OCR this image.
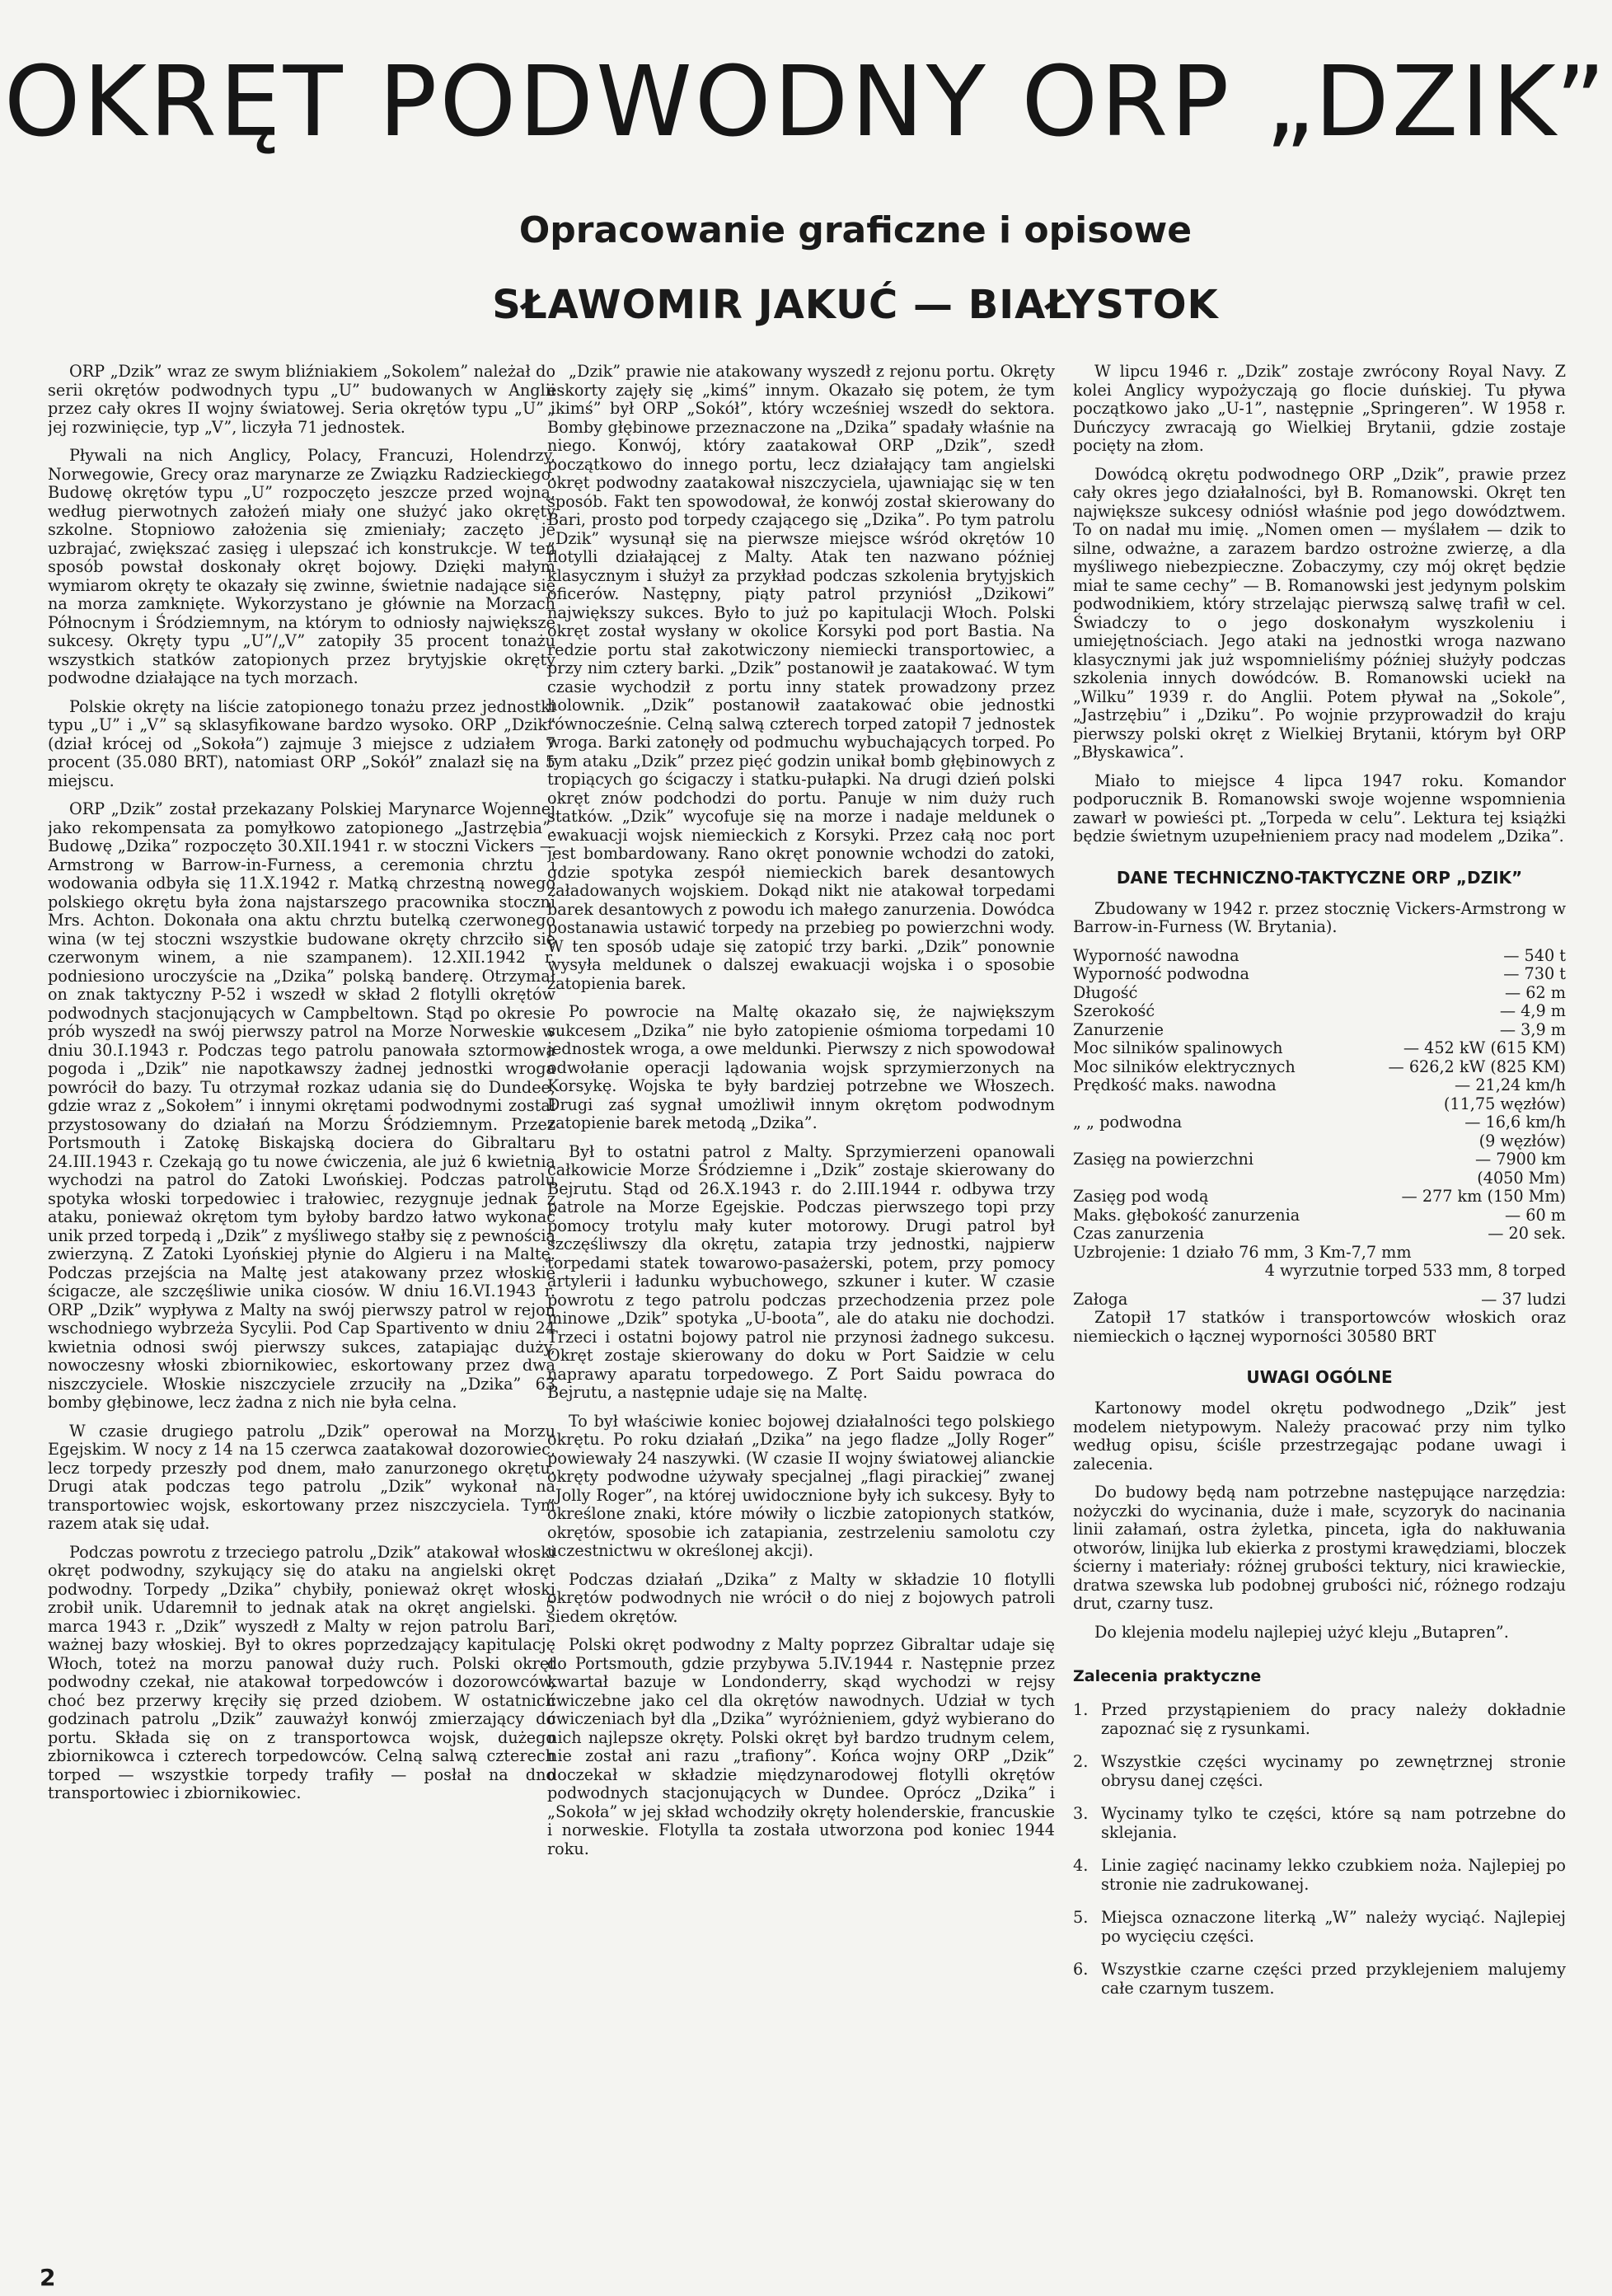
OKRĘT PODWODNY ORP „DZIK”
Opracowanie graficzne i opisowe
SŁAWOMIR JAKUĆ — BIAŁYSTOK

ORP „Dzik” wraz ze swym bliźniakiem „Sokolem” należał do serii okrętów podwodnych typu „U” budowanych w Anglii przez cały okres II wojny światowej. Seria okrętów typu „U” i jej rozwinięcie, typ „V”, liczyła 71 jednostek.

Pływali na nich Anglicy, Polacy, Francuzi, Holendrzy, Norwegowie, Grecy oraz marynarze ze Związku Radzieckiego. Budowę okrętów typu „U” rozpoczęto jeszcze przed wojną, według pierwotnych założeń miały one służyć jako okręty szkolne. Stopniowo założenia się zmieniały; zaczęto je uzbrajać, zwiększać zasięg i ulepszać ich konstrukcje. W ten sposób powstał doskonały okręt bojowy. Dzięki małym wymiarom okręty te okazały się zwinne, świetnie nadające się na morza zamknięte. Wykorzystano je głównie na Morzach Północnym i Śródziemnym, na którym to odniosły największe sukcesy. Okręty typu „U”/„V” zatopiły 35 procent tonażu wszystkich statków zatopionych przez brytyjskie okręty podwodne działające na tych morzach.

Polskie okręty na liście zatopionego tonażu przez jednostki typu „U” i „V” są sklasyfikowane bardzo wysoko. ORP „Dzik” (dział krócej od „Sokoła”) zajmuje 3 miejsce z udziałem 7 procent (35.080 BRT), natomiast ORP „Sokół” znalazł się na 5 miejscu.

ORP „Dzik” został przekazany Polskiej Marynarce Wojennej jako rekompensata za pomyłkowo zatopionego „Jastrzębia”. Budowę „Dzika” rozpoczęto 30.XII.1941 r. w stoczni Vickers — Armstrong w Barrow-in-Furness, a ceremonia chrztu i wodowania odbyła się 11.X.1942 r. Matką chrzestną nowego polskiego okrętu była żona najstarszego pracownika stoczni Mrs. Achton. Dokonała ona aktu chrztu butelką czerwonego wina (w tej stoczni wszystkie budowane okręty chrzciło się czerwonym winem, a nie szampanem). 12.XII.1942 r. podniesiono uroczyście na „Dzika” polską banderę. Otrzymał on znak taktyczny P-52 i wszedł w skład 2 flotylli okrętów podwodnych stacjonujących w Campbeltown. Stąd po okresie prób wyszedł na swój pierwszy patrol na Morze Norweskie w dniu 30.I.1943 r. Podczas tego patrolu panowała sztormowa pogoda i „Dzik” nie napotkawszy żadnej jednostki wroga powrócił do bazy. Tu otrzymał rozkaz udania się do Dundee, gdzie wraz z „Sokołem” i innymi okrętami podwodnymi został przystosowany do działań na Morzu Śródziemnym. Przez Portsmouth i Zatokę Biskajską dociera do Gibraltaru 24.III.1943 r. Czekają go tu nowe ćwiczenia, ale już 6 kwietnia wychodzi na patrol do Zatoki Lwońskiej. Podczas patrolu spotyka włoski torpedowiec i trałowiec, rezygnuje jednak z ataku, ponieważ okrętom tym byłoby bardzo łatwo wykonać unik przed torpedą i „Dzik” z myśliwego stałby się z pewnością zwierzyną. Z Zatoki Lyońskiej płynie do Algieru i na Maltę. Podczas przejścia na Maltę jest atakowany przez włoskie ścigacze, ale szczęśliwie unika ciosów. W dniu 16.VI.1943 r. ORP „Dzik” wypływa z Malty na swój pierwszy patrol w rejon wschodniego wybrzeża Sycylii. Pod Cap Spartivento w dniu 24 kwietnia odnosi swój pierwszy sukces, zatapiając duży, nowoczesny włoski zbiornikowiec, eskortowany przez dwa niszczyciele. Włoskie niszczyciele zrzuciły na „Dzika” 63 bomby głębinowe, lecz żadna z nich nie była celna.

W czasie drugiego patrolu „Dzik” operował na Morzu Egejskim. W nocy z 14 na 15 czerwca zaatakował dozorowiec, lecz torpedy przeszły pod dnem, mało zanurzonego okrętu. Drugi atak podczas tego patrolu „Dzik” wykonał na transportowiec wojsk, eskortowany przez niszczyciela. Tym razem atak się udał.

Podczas powrotu z trzeciego patrolu „Dzik” atakował włoski okręt podwodny, szykujący się do ataku na angielski okręt podwodny. Torpedy „Dzika” chybiły, ponieważ okręt włoski zrobił unik. Udaremnił to jednak atak na okręt angielski. 5 marca 1943 r. „Dzik” wyszedł z Malty w rejon patrolu Bari, ważnej bazy włoskiej. Był to okres poprzedzający kapitulację Włoch, toteż na morzu panował duży ruch. Polski okręt podwodny czekał, nie atakował torpedowców i dozorowców, choć bez przerwy kręciły się przed dziobem. W ostatnich godzinach patrolu „Dzik” zauważył konwój zmierzający do portu. Składa się on z transportowca wojsk, dużego zbiornikowca i czterech torpedowców. Celną salwą czterech torped — wszystkie torpedy trafiły — posłał na dno transportowiec i zbiornikowiec.

„Dzik” prawie nie atakowany wyszedł z rejonu portu. Okręty eskorty zajęły się „kimś” innym. Okazało się potem, że tym „kimś” był ORP „Sokół”, który wcześniej wszedł do sektora. Bomby głębinowe przeznaczone na „Dzika” spadały właśnie na niego. Konwój, który zaatakował ORP „Dzik”, szedł początkowo do innego portu, lecz działający tam angielski okręt podwodny zaatakował niszczyciela, ujawniając się w ten sposób. Fakt ten spowodował, że konwój został skierowany do Bari, prosto pod torpedy czającego się „Dzika”. Po tym patrolu „Dzik” wysunął się na pierwsze miejsce wśród okrętów 10 flotylli działającej z Malty. Atak ten nazwano później klasycznym i służył za przykład podczas szkolenia brytyjskich oficerów. Następny, piąty patrol przyniósł „Dzikowi” największy sukces. Było to już po kapitulacji Włoch. Polski okręt został wysłany w okolice Korsyki pod port Bastia. Na redzie portu stał zakotwiczony niemiecki transportowiec, a przy nim cztery barki. „Dzik” postanowił je zaatakować. W tym czasie wychodził z portu inny statek prowadzony przez holownik. „Dzik” postanowił zaatakować obie jednostki równocześnie. Celną salwą czterech torped zatopił 7 jednostek wroga. Barki zatonęły od podmuchu wybuchających torped. Po tym ataku „Dzik” przez pięć godzin unikał bomb głębinowych z tropiących go ścigaczy i statku-pułapki. Na drugi dzień polski okręt znów podchodzi do portu. Panuje w nim duży ruch statków. „Dzik” wycofuje się na morze i nadaje meldunek o ewakuacji wojsk niemieckich z Korsyki. Przez całą noc port jest bombardowany. Rano okręt ponownie wchodzi do zatoki, gdzie spotyka zespół niemieckich barek desantowych załadowanych wojskiem. Dokąd nikt nie atakował torpedami barek desantowych z powodu ich małego zanurzenia. Dowódca postanawia ustawić torpedy na przebieg po powierzchni wody. W ten sposób udaje się zatopić trzy barki. „Dzik” ponownie wysyła meldunek o dalszej ewakuacji wojska i o sposobie zatopienia barek.

Po powrocie na Maltę okazało się, że największym sukcesem „Dzika” nie było zatopienie ośmioma torpedami 10 jednostek wroga, a owe meldunki. Pierwszy z nich spowodował odwołanie operacji lądowania wojsk sprzymierzonych na Korsykę. Wojska te były bardziej potrzebne we Włoszech. Drugi zaś sygnał umożliwił innym okrętom podwodnym zatopienie barek metodą „Dzika”.

Był to ostatni patrol z Malty. Sprzymierzeni opanowali całkowicie Morze Śródziemne i „Dzik” zostaje skierowany do Bejrutu. Stąd od 26.X.1943 r. do 2.III.1944 r. odbywa trzy patrole na Morze Egejskie. Podczas pierwszego topi przy pomocy trotylu mały kuter motorowy. Drugi patrol był szczęśliwszy dla okrętu, zatapia trzy jednostki, najpierw torpedami statek towarowo-pasażerski, potem, przy pomocy artylerii i ładunku wybuchowego, szkuner i kuter. W czasie powrotu z tego patrolu podczas przechodzenia przez pole minowe „Dzik” spotyka „U-boota”, ale do ataku nie dochodzi. Trzeci i ostatni bojowy patrol nie przynosi żadnego sukcesu. Okręt zostaje skierowany do doku w Port Saidzie w celu naprawy aparatu torpedowego. Z Port Saidu powraca do Bejrutu, a następnie udaje się na Maltę.

To był właściwie koniec bojowej działalności tego polskiego okrętu. Po roku działań „Dzika” na jego fladze „Jolly Roger” powiewały 24 naszywki. (W czasie II wojny światowej alianckie okręty podwodne używały specjalnej „flagi pirackiej” zwanej „Jolly Roger”, na której uwidocznione były ich sukcesy. Były to określone znaki, które mówiły o liczbie zatopionych statków, okrętów, sposobie ich zatapiania, zestrzeleniu samolotu czy uczestnictwu w określonej akcji).

Podczas działań „Dzika” z Malty w składzie 10 flotylli okrętów podwodnych nie wrócił o do niej z bojowych patroli siedem okrętów.

Polski okręt podwodny z Malty poprzez Gibraltar udaje się do Portsmouth, gdzie przybywa 5.IV.1944 r. Następnie przez kwartał bazuje w Londonderry, skąd wychodzi w rejsy ćwiczebne jako cel dla okrętów nawodnych. Udział w tych ćwiczeniach był dla „Dzika” wyróżnieniem, gdyż wybierano do nich najlepsze okręty. Polski okręt był bardzo trudnym celem, nie został ani razu „trafiony”. Końca wojny ORP „Dzik” doczekał w składzie międzynarodowej flotylli okrętów podwodnych stacjonujących w Dundee. Oprócz „Dzika” i „Sokoła” w jej skład wchodziły okręty holenderskie, francuskie i norweskie. Flotylla ta została utworzona pod koniec 1944 roku.

W lipcu 1946 r. „Dzik” zostaje zwrócony Royal Navy. Z kolei Anglicy wypożyczają go flocie duńskiej. Tu pływa początkowo jako „U-1”, następnie „Springeren”. W 1958 r. Duńczycy zwracają go Wielkiej Brytanii, gdzie zostaje pocięty na złom.

Dowódcą okrętu podwodnego ORP „Dzik”, prawie przez cały okres jego działalności, był B. Romanowski. Okręt ten największe sukcesy odniósł właśnie pod jego dowództwem. To on nadał mu imię. „Nomen omen — myślałem — dzik to silne, odważne, a zarazem bardzo ostrożne zwierzę, a dla myśliwego niebezpieczne. Zobaczymy, czy mój okręt będzie miał te same cechy” — B. Romanowski jest jedynym polskim podwodnikiem, który strzelając pierwszą salwę trafił w cel. Świadczy to o jego doskonałym wyszkoleniu i umiejętnościach. Jego ataki na jednostki wroga nazwano klasycznymi jak już wspomnieliśmy później służyły podczas szkolenia innych dowódców. B. Romanowski uciekł na „Wilku” 1939 r. do Anglii. Potem pływał na „Sokole”, „Jastrzębiu” i „Dziku”. Po wojnie przyprowadził do kraju pierwszy polski okręt z Wielkiej Brytanii, którym był ORP „Błyskawica”.

Miało to miejsce 4 lipca 1947 roku. Komandor podporucznik B. Romanowski swoje wojenne wspomnienia zawarł w powieści pt. „Torpeda w celu”. Lektura tej książki będzie świetnym uzupełnieniem pracy nad modelem „Dzika”.

DANE TECHNICZNO-TAKTYCZNE ORP „DZIK”

Zbudowany w 1942 r. przez stocznię Vickers-Armstrong w Barrow-in-Furness (W. Brytania).

Wyporność nawodna	— 540 t
Wyporność podwodna	— 730 t
Długość	— 62 m
Szerokość	— 4,9 m
Zanurzenie	— 3,9 m
Moc silników spalinowych	— 452 kW (615 KM)
Moc silników elektrycznych	— 626,2 kW (825 KM)
Prędkość maks. nawodna	— 21,24 km/h
(11,75 węzłów)
„ „ podwodna	— 16,6 km/h
(9 węzłów)
Zasięg na powierzchni	— 7900 km
(4050 Mm)
Zasięg pod wodą	— 277 km (150 Mm)
Maks. głębokość zanurzenia	— 60 m
Czas zanurzenia	— 20 sek.
Uzbrojenie: 1 działo 76 mm, 3 Km-7,7 mm

4 wyrzutnie torped 533 mm, 8 torped

Załoga	— 37 ludzi

Zatopił 17 statków i transportowców włoskich oraz niemieckich o łącznej wyporności 30580 BRT

UWAGI OGÓLNE

Kartonowy model okrętu podwodnego „Dzik” jest modelem nietypowym. Należy pracować przy nim tylko według opisu, ściśle przestrzegając podane uwagi i zalecenia.

Do budowy będą nam potrzebne następujące narzędzia: nożyczki do wycinania, duże i małe, scyzoryk do nacinania linii załamań, ostra żyletka, pinceta, igła do nakłuwania otworów, linijka lub ekierka z prostymi krawędziami, bloczek ścierny i materiały: różnej grubości tektury, nici krawieckie, dratwa szewska lub podobnej grubości nić, różnego rodzaju drut, czarny tusz.

Do klejenia modelu najlepiej użyć kleju „Butapren”.

Zalecenia praktyczne
1. Przed przystąpieniem do pracy należy dokładnie zapoznać się z rysunkami.
2. Wszystkie części wycinamy po zewnętrznej stronie obrysu danej części.
3. Wycinamy tylko te części, które są nam potrzebne do sklejania.
4. Linie zagięć nacinamy lekko czubkiem noża. Najlepiej po stronie nie zadrukowanej.
5. Miejsca oznaczone literką „W” należy wyciąć. Najlepiej po wycięciu części.
6. Wszystkie czarne części przed przyklejeniem malujemy całe czarnym tuszem.
2
